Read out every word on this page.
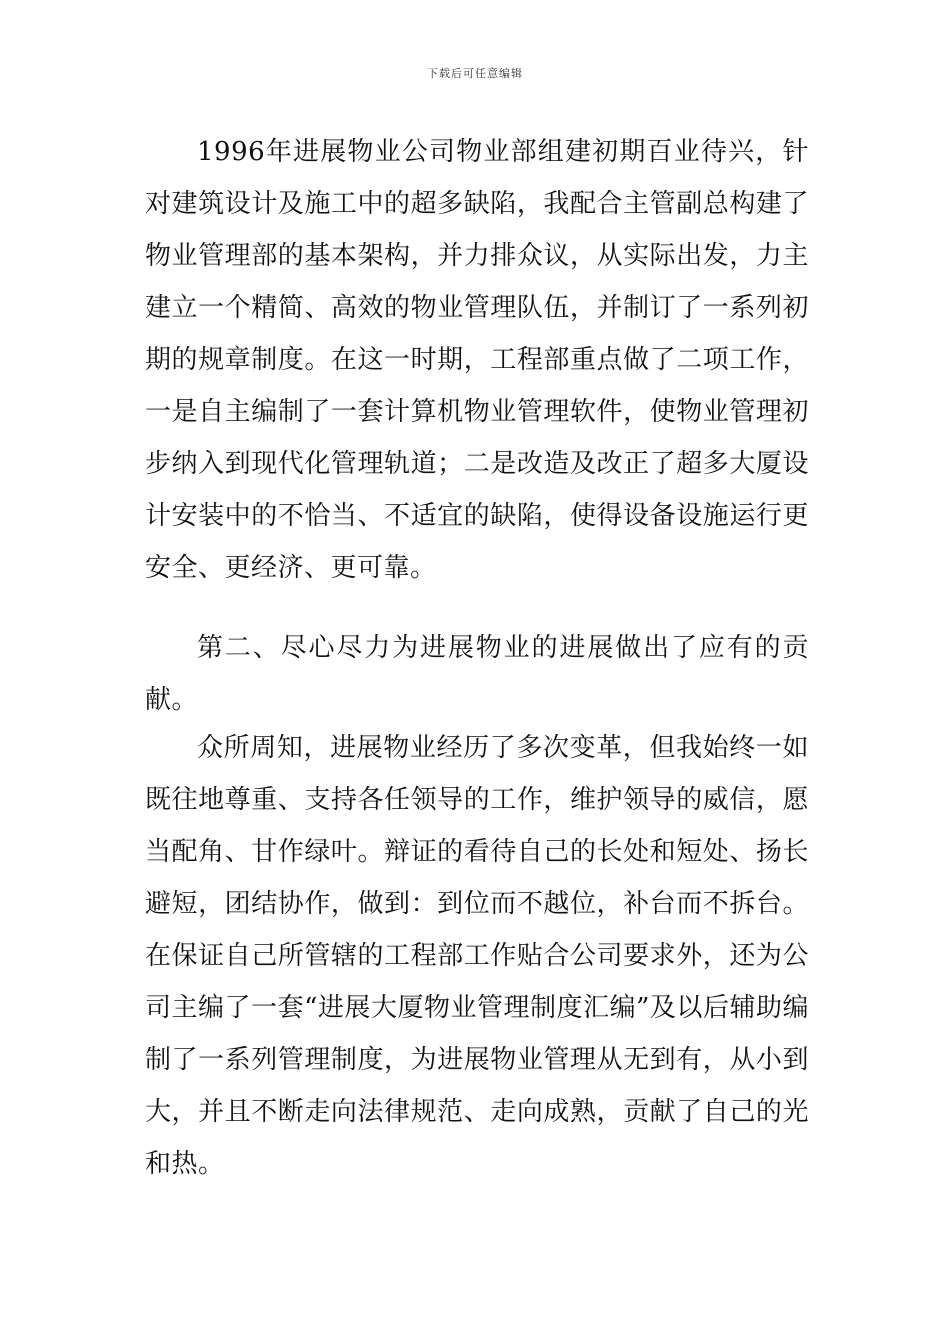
下载后可任意编辑

1996年进展物业公司物业部组建初期百业待兴，针对建筑设计及施工中的超多缺陷，我配合主管副总构建了物业管理部的基本架构，并力排众议，从实际出发，力主建立一个精简、高效的物业管理队伍，并制订了一系列初期的规章制度。在这一时期，工程部重点做了二项工作，一是自主编制了一套计算机物业管理软件，使物业管理初步纳入到现代化管理轨道；二是改造及改正了超多大厦设计安装中的不恰当、不适宜的缺陷，使得设备设施运行更安全、更经济、更可靠。

第二、尽心尽力为进展物业的进展做出了应有的贡献。

众所周知，进展物业经历了多次变革，但我始终一如既往地尊重、支持各任领导的工作，维护领导的威信，愿当配角、甘作绿叶。辩证的看待自己的长处和短处、扬长避短，团结协作，做到：到位而不越位，补台而不拆台。在保证自己所管辖的工程部工作贴合公司要求外，还为公司主编了一套“进展大厦物业管理制度汇编”及以后辅助编制了一系列管理制度，为进展物业管理从无到有，从小到大，并且不断走向法律规范、走向成熟，贡献了自己的光和热。
